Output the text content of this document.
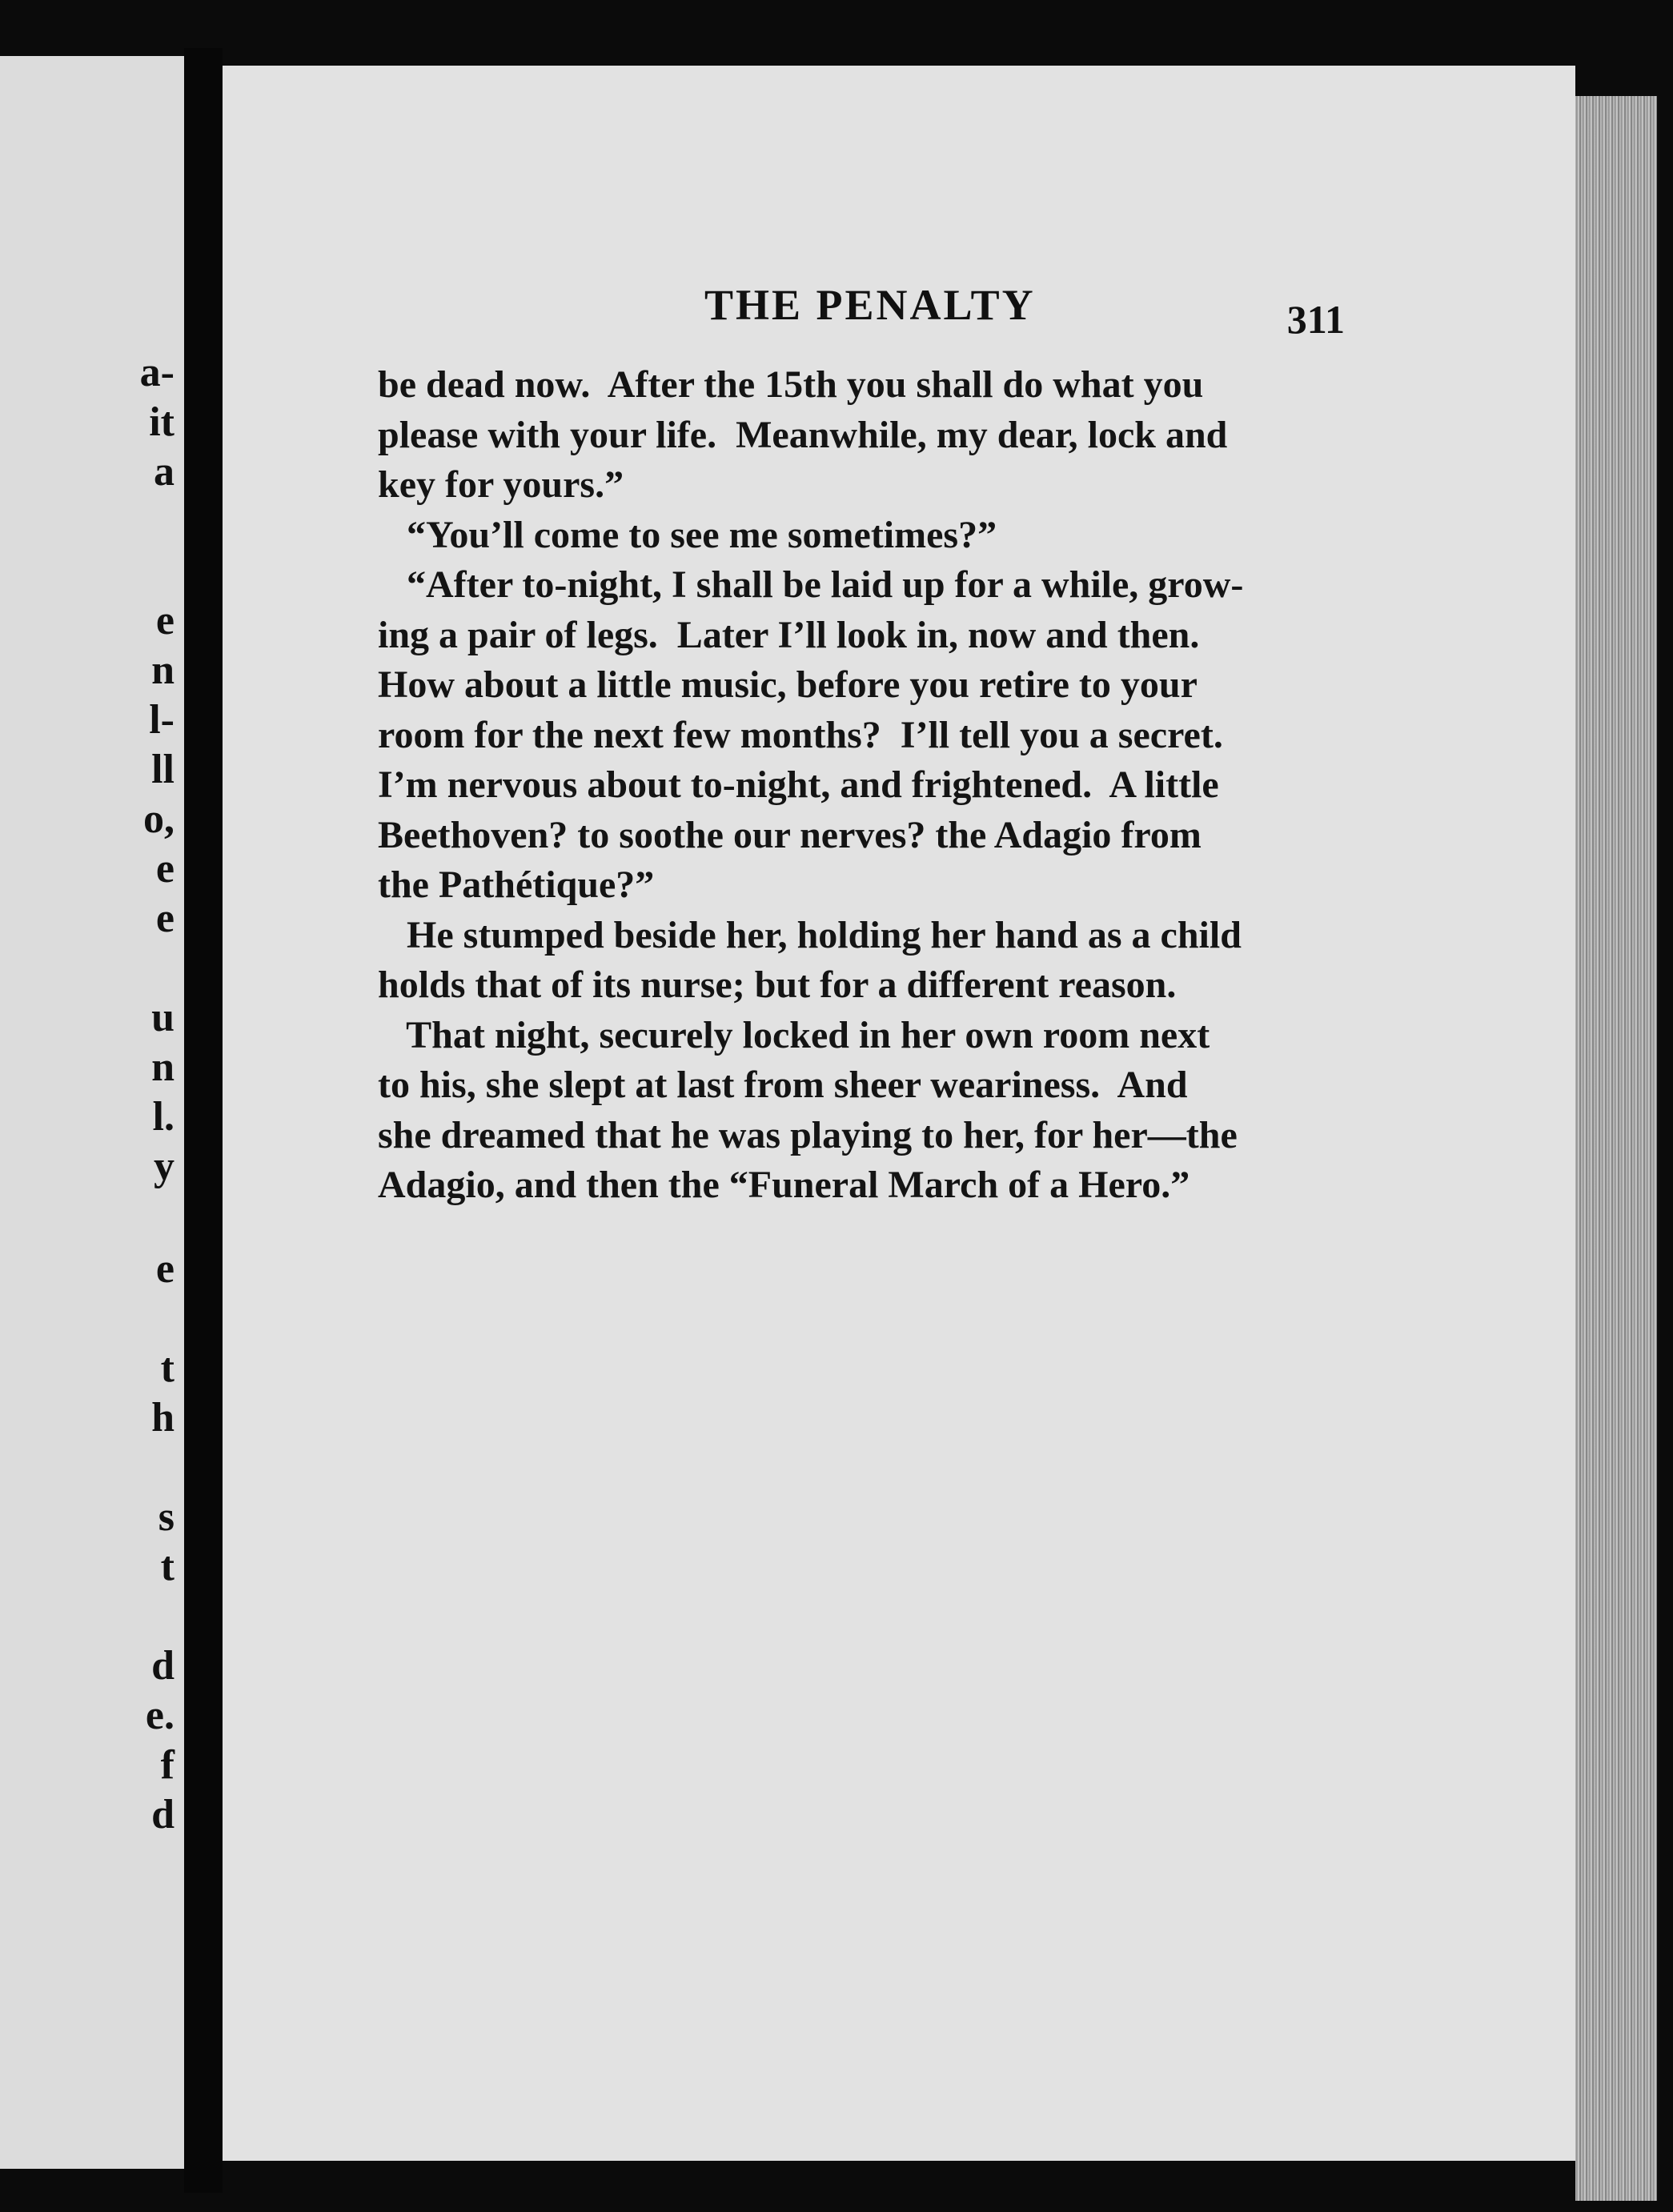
a-
it
a
e
n
l-
ll
o,
e
e
u
n
l.
y
e
t
h
s
t
d
e.
f
d
THE PENALTY	311
be dead now.  After the 15th you shall do what you
please with your life.  Meanwhile, my dear, lock and
key for yours.”
“You’ll come to see me sometimes?”
“After to-night, I shall be laid up for a while, grow-
ing a pair of legs.  Later I’ll look in, now and then.
How about a little music, before you retire to your
room for the next few months?  I’ll tell you a secret.
I’m nervous about to-night, and frightened.  A little
Beethoven? to soothe our nerves? the Adagio from
the Pathétique?”
He stumped beside her, holding her hand as a child
holds that of its nurse; but for a different reason.
That night, securely locked in her own room next
to his, she slept at last from sheer weariness.  And
she dreamed that he was playing to her, for her—the
Adagio, and then the “Funeral March of a Hero.”
